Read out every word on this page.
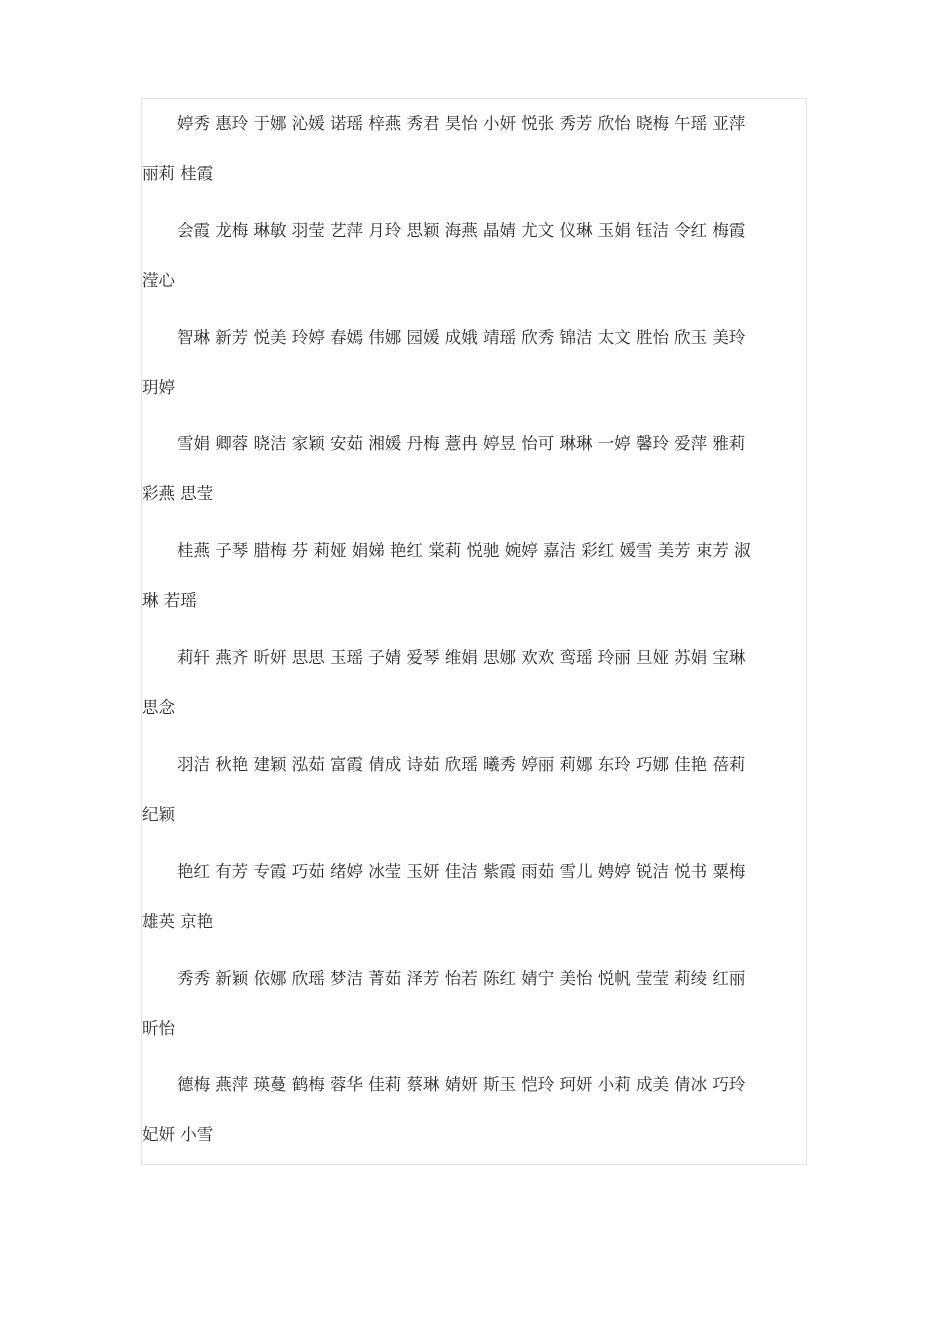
婷秀 惠玲 于娜 沁媛 诺瑶 梓燕 秀君 昊怡 小妍 悦张 秀芳 欣怡 晓梅 午瑶 亚萍
丽莉 桂霞
会霞 龙梅 琳敏 羽莹 艺萍 月玲 思颖 海燕 晶婧 尤文 仪琳 玉娟 钰洁 令红 梅霞
滢心
智琳 新芳 悦美 玲婷 春嫣 伟娜 园媛 成娥 靖瑶 欣秀 锦洁 太文 胜怡 欣玉 美玲
玥婷
雪娟 卿蓉 晓洁 家颖 安茹 湘媛 丹梅 薏冉 婷昱 怡可 琳琳 一婷 馨玲 爱萍 雅莉
彩燕 思莹
桂燕 子琴 腊梅 芬 莉娅 娟娣 艳红 棠莉 悦驰 婉婷 嘉洁 彩红 媛雪 美芳 束芳 淑
琳 若瑶
莉轩 燕齐 昕妍 思思 玉瑶 子婧 爱琴 维娟 思娜 欢欢 鸾瑶 玲丽 旦娅 苏娟 宝琳
思念
羽洁 秋艳 建颖 泓茹 富霞 倩成 诗茹 欣瑶 曦秀 婷丽 莉娜 东玲 巧娜 佳艳 蓓莉
纪颖
艳红 有芳 专霞 巧茹 绪婷 冰莹 玉妍 佳洁 紫霞 雨茹 雪儿 娉婷 锐洁 悦书 粟梅
雄英 京艳
秀秀 新颖 依娜 欣瑶 梦洁 菁茹 泽芳 怡若 陈红 婧宁 美怡 悦帆 莹莹 莉绫 红丽
昕怡
德梅 燕萍 瑛蔓 鹤梅 蓉华 佳莉 蔡琳 婧妍 斯玉 恺玲 珂妍 小莉 成美 倩冰 巧玲
妃妍 小雪
